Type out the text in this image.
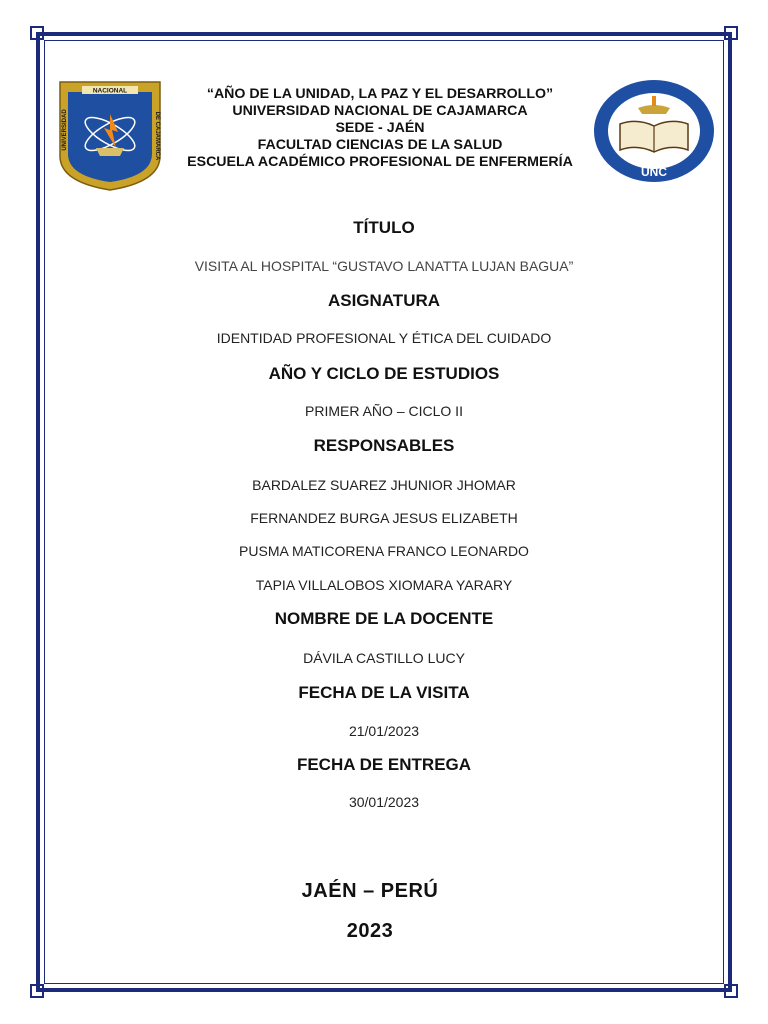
NACIONAL
UNIVERSIDAD	DE CAJAMARCA
UNC
“AÑO DE LA UNIDAD, LA PAZ Y EL DESARROLLO”
UNIVERSIDAD NACIONAL DE CAJAMARCA
SEDE - JAÉN
FACULTAD CIENCIAS DE LA SALUD
ESCUELA ACADÉMICO PROFESIONAL DE ENFERMERÍA
TÍTULO
VISITA AL HOSPITAL “GUSTAVO LANATTA LUJAN BAGUA”
ASIGNATURA
IDENTIDAD PROFESIONAL Y ÉTICA DEL CUIDADO
AÑO Y CICLO DE ESTUDIOS
PRIMER AÑO – CICLO II
RESPONSABLES
BARDALEZ SUAREZ JHUNIOR JHOMAR
FERNANDEZ BURGA JESUS ELIZABETH
PUSMA MATICORENA FRANCO LEONARDO
TAPIA VILLALOBOS XIOMARA YARARY
NOMBRE DE LA DOCENTE
DÁVILA CASTILLO LUCY
FECHA DE LA VISITA
21/01/2023
FECHA DE ENTREGA
30/01/2023
JAÉN – PERÚ
2023
